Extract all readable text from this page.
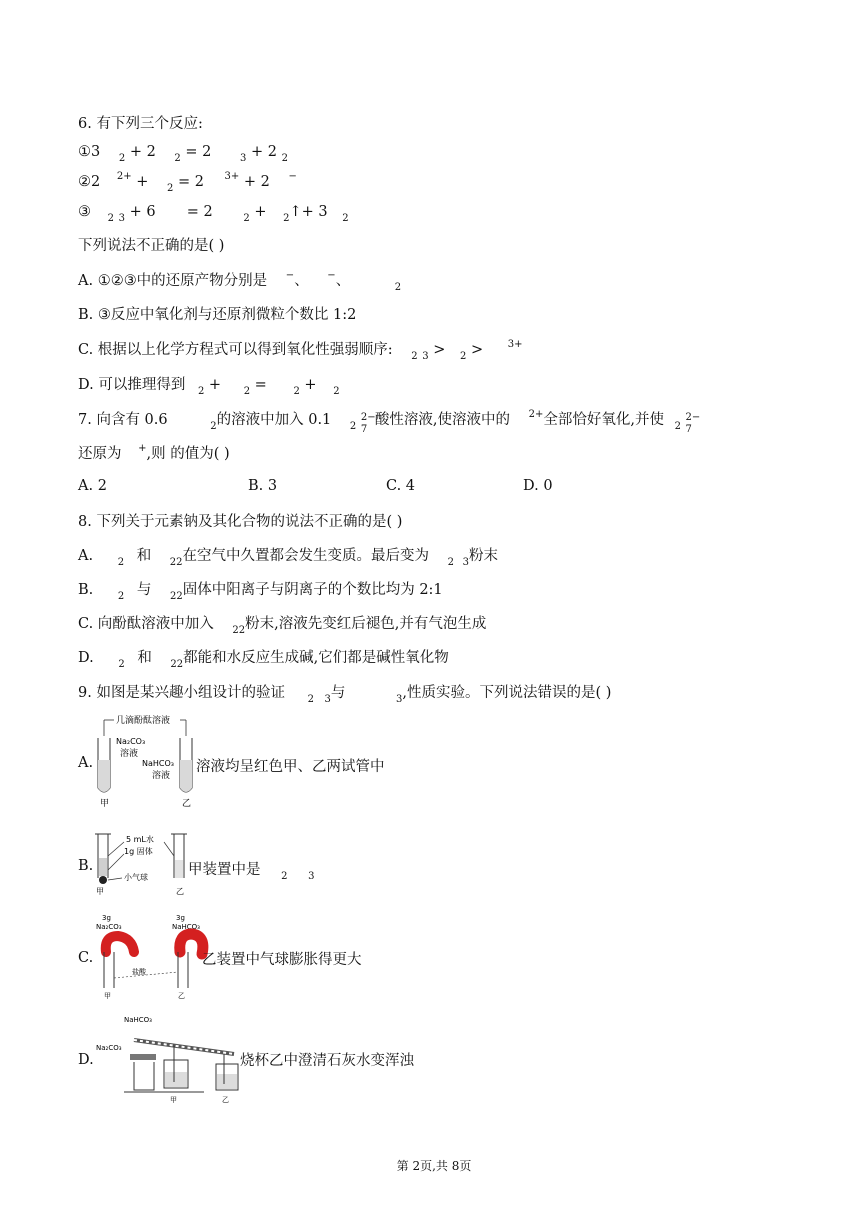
6. 有下列三个反应:
①3 $_2$ + 2 $_2$ = 2	$_3$ + 2 $_2$
②2 $^{2+}$ + $_2$ = 2 $^{3+}$ + 2 −
③ $_2$ $_3$ + 6 = 2	$_2$ + $_2$↑+ 3 $_2$
下列说法不正确的是( )
A. ①②③中的还原产物分别是 −、 −、	$_2$
B. ③反应中氧化剂与还原剂微粒个数比 1:2
C. 根据以上化学方程式可以得到氧化性强弱顺序: $_2$ $_3$ > $_2$ > $^{3+}$
D. 可以推理得到 $_2$ + $_2$ =	$_2$ + $_2$
7. 向含有 0.6	$_2$的溶液中加入 0.1 $_2$
2−
7
酸性溶液,使溶液中的 $^{2+}$全部恰好氧化,并使 $_2$
2−
7
还原为 +,则 的值为( )
A. 2	B. 3	C. 4	D. 0
8. 下列关于元素钠及其化合物的说法不正确的是( )
A. $_2$ 和 $_{22}$在空气中久置都会发生变质。最后变为 $_2$ $_3$粉末
B. $_2$ 与 $_{22}$固体中阳离子与阴离子的个数比均为 2:1
C. 向酚酞溶液中加入 $_{22}$粉末,溶液先变红后褪色,并有气泡生成
D. $_2$ 和 $_{22}$都能和水反应生成碱,它们都是碱性氧化物
9. 如图是某兴趣小组设计的验证 $_2$ $_3$与	$_3$,性质实验。下列说法错误的是( )
A.
几滴酚酞溶液
Na₂CO₃
溶液
NaHCO₃
溶液
甲	乙
溶液均呈红色甲、乙两试管中
B.
5 mL水
1g 固体
小气球
甲	乙
甲装置中是 $_2$ $_3$
C.
3g
Na₂CO₃
3g
NaHCO₃
盐酸
甲	乙
乙装置中气球膨胀得更大
D.
NaHCO₃
Na₂CO₃
甲	乙
烧杯乙中澄清石灰水变浑浊
第 2页,共 8页
